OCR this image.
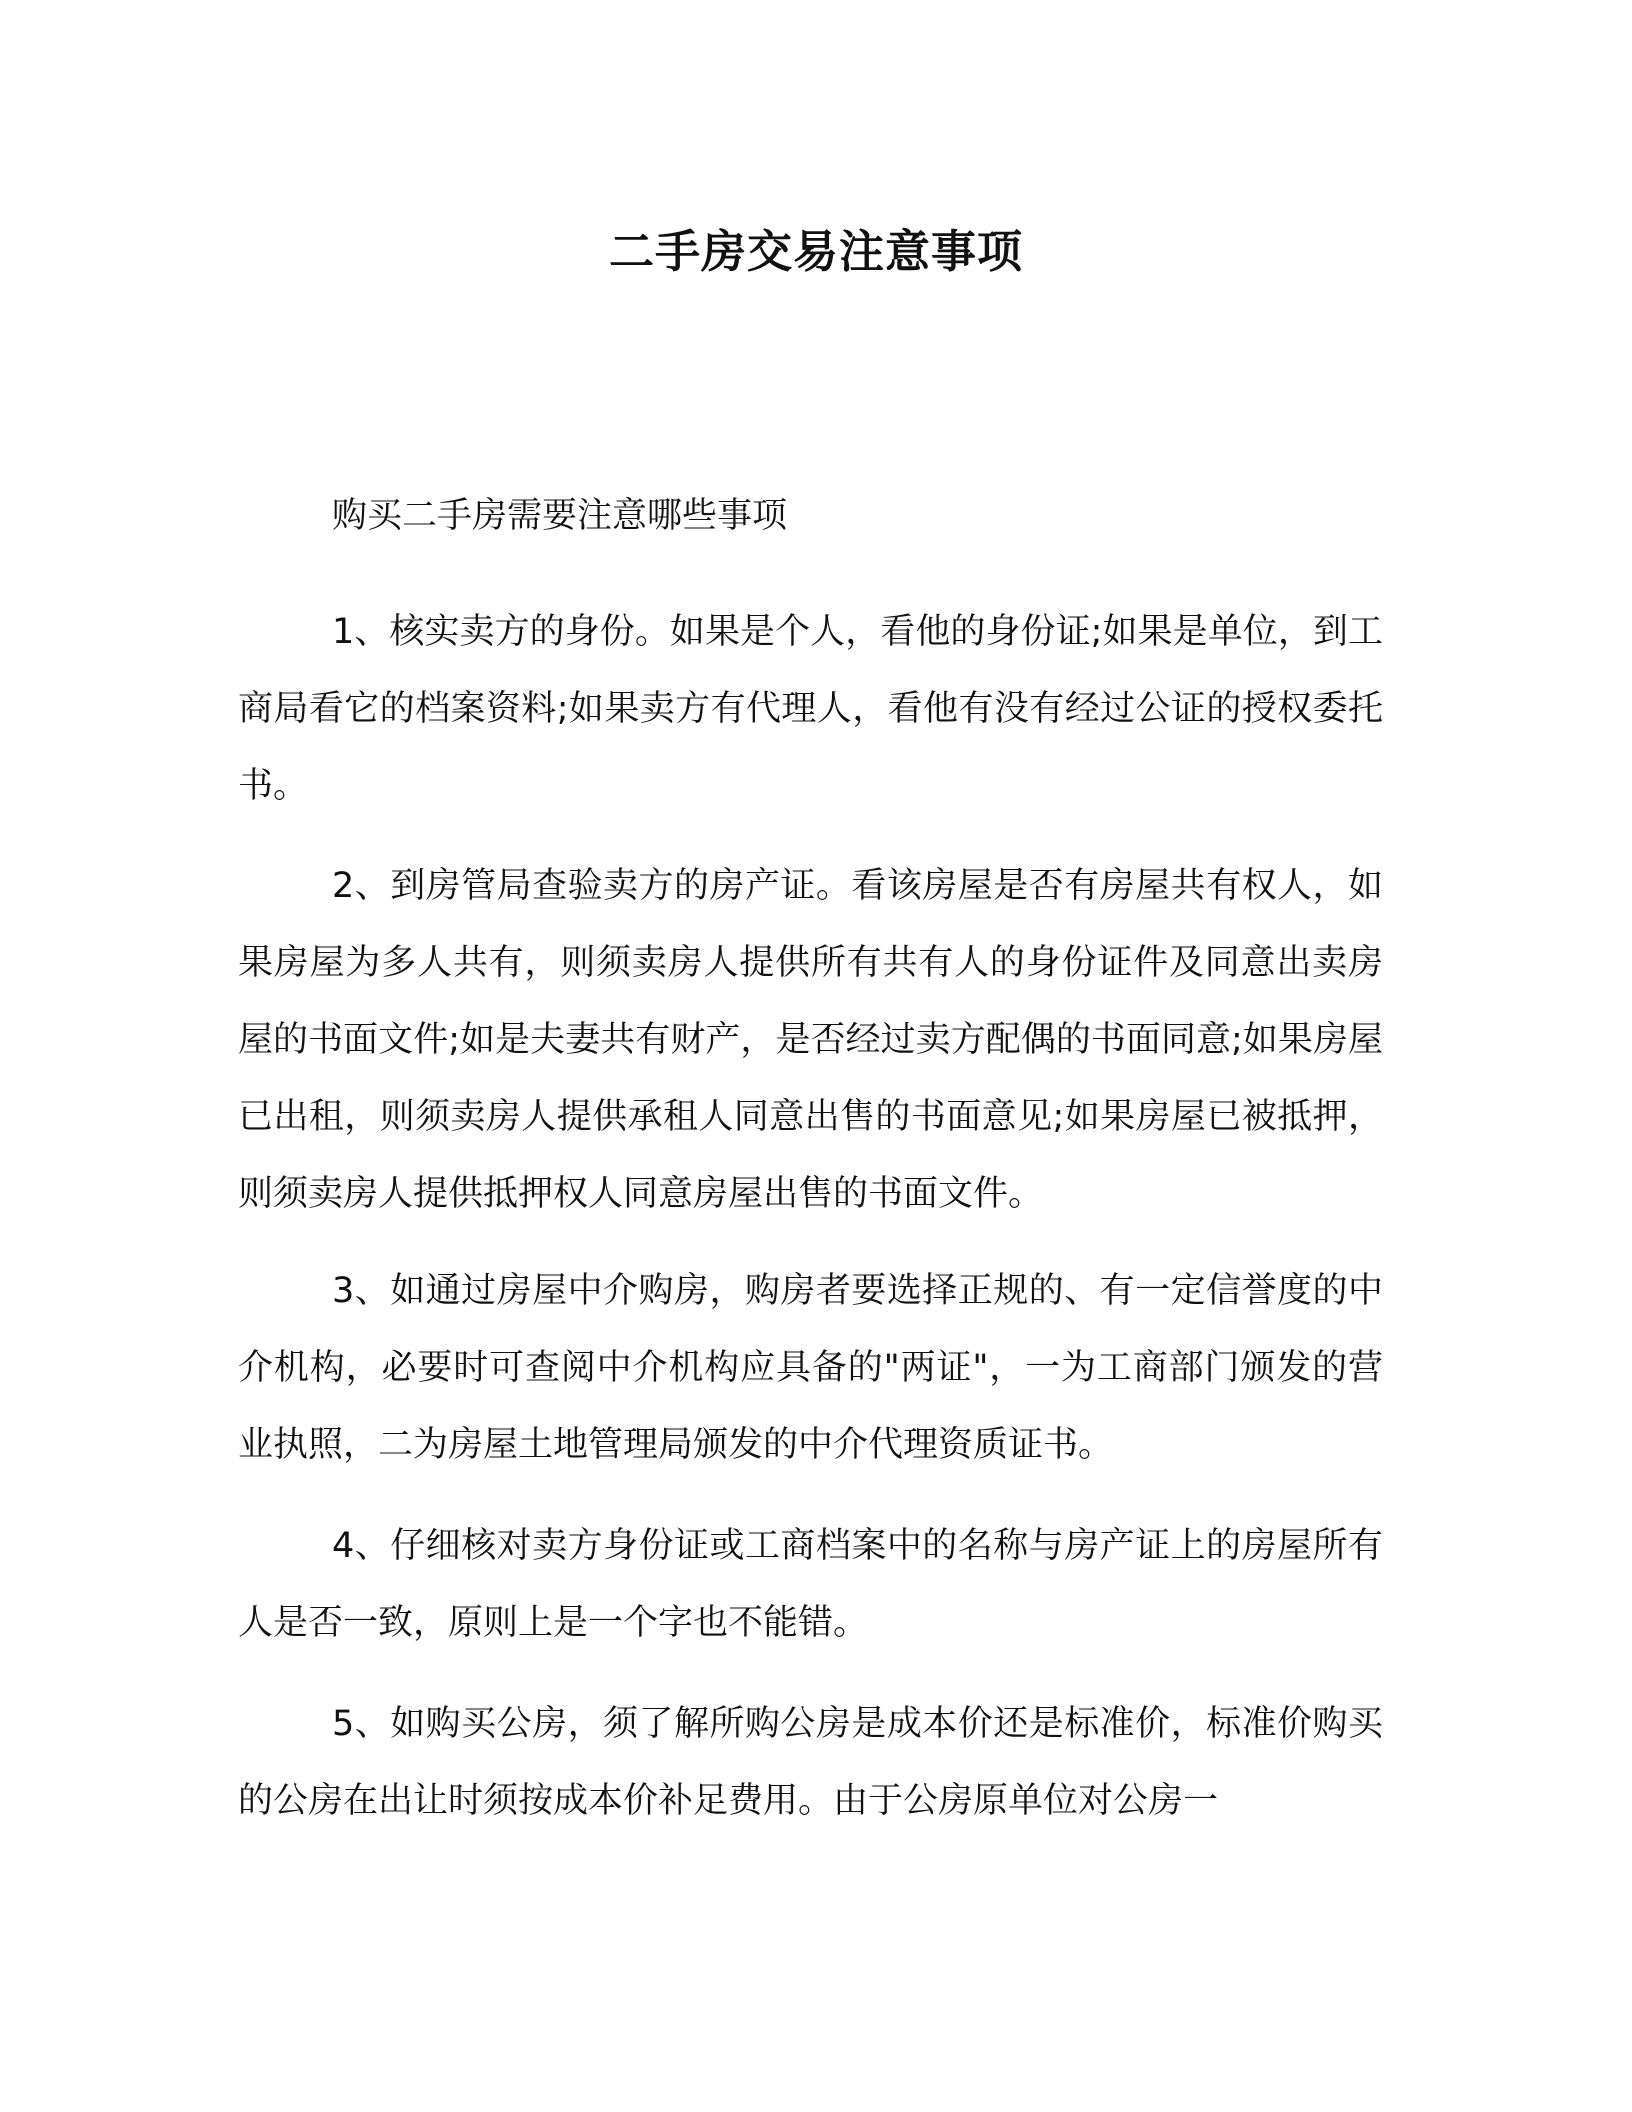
二手房交易注意事项
购买二手房需要注意哪些事项

1、核实卖方的身份。如果是个人，看他的身份证;如果是单位，到工商局看它的档案资料;如果卖方有代理人，看他有没有经过公证的授权委托书。

2、到房管局查验卖方的房产证。看该房屋是否有房屋共有权人，如果房屋为多人共有，则须卖房人提供所有共有人的身份证件及同意出卖房屋的书面文件;如是夫妻共有财产，是否经过卖方配偶的书面同意;如果房屋已出租，则须卖房人提供承租人同意出售的书面意见;如果房屋已被抵押，则须卖房人提供抵押权人同意房屋出售的书面文件。

3、如通过房屋中介购房，购房者要选择正规的、有一定信誉度的中介机构，必要时可查阅中介机构应具备的"两证"，一为工商部门颁发的营业执照，二为房屋土地管理局颁发的中介代理资质证书。

4、仔细核对卖方身份证或工商档案中的名称与房产证上的房屋所有人是否一致，原则上是一个字也不能错。

5、如购买公房，须了解所购公房是成本价还是标准价，标准价购买的公房在出让时须按成本价补足费用。由于公房原单位对公房一
